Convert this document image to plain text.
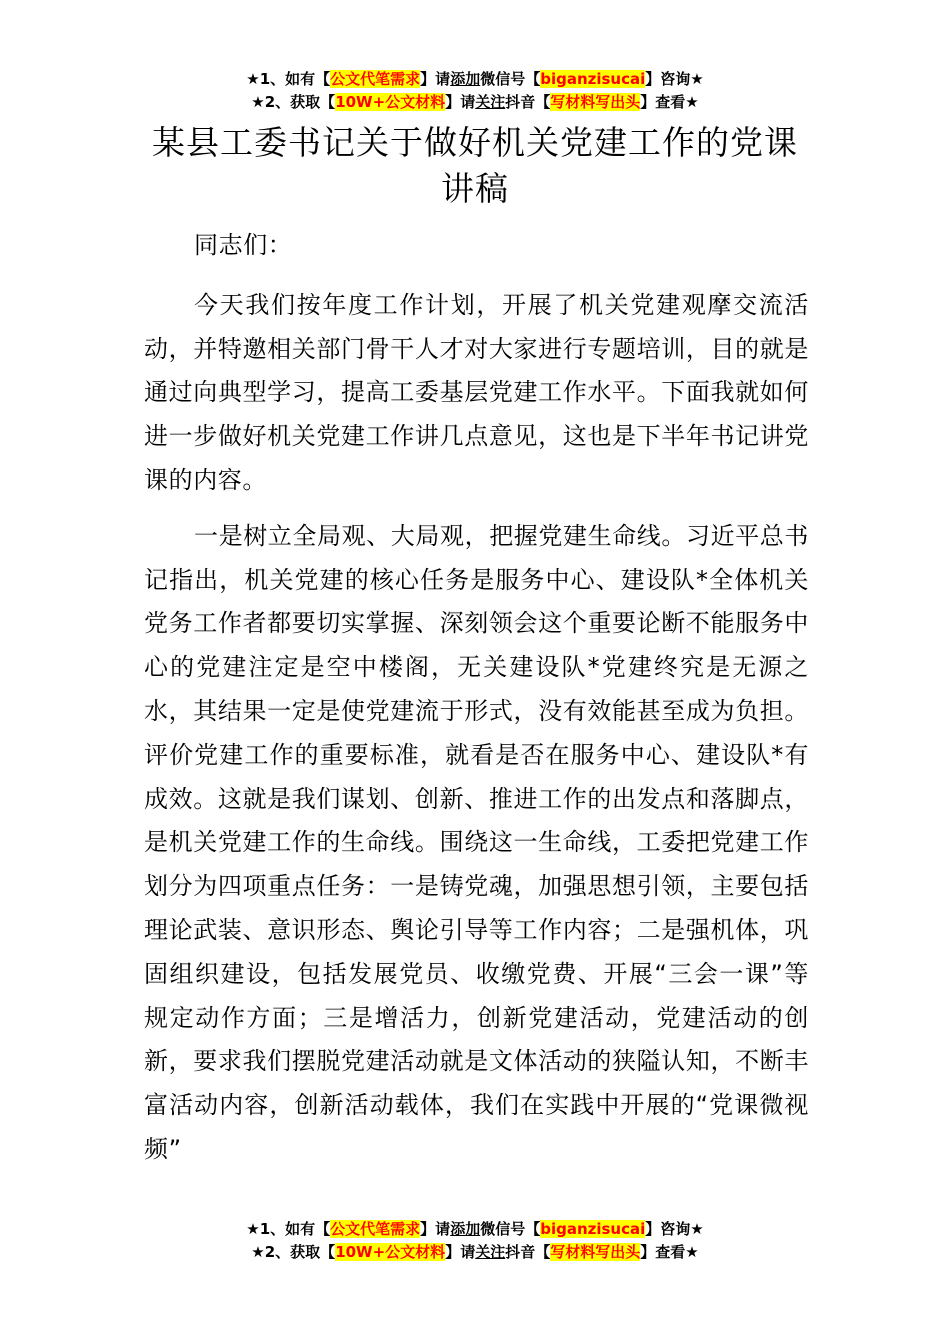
★1、如有【公文代笔需求】请添加微信号【biganzisucai】咨询★
★2、获取【10W+公文材料】请关注抖音【写材料写出头】查看★
某县工委书记关于做好机关党建工作的党课讲稿

同志们：

今天我们按年度工作计划，开展了机关党建观摩交流活动，并特邀相关部门骨干人才对大家进行专题培训，目的就是通过向典型学习，提高工委基层党建工作水平。下面我就如何进一步做好机关党建工作讲几点意见，这也是下半年书记讲党课的内容。

一是树立全局观、大局观，把握党建生命线。习近平总书记指出，机关党建的核心任务是服务中心、建设队*全体机关党务工作者都要切实掌握、深刻领会这个重要论断不能服务中心的党建注定是空中楼阁，无关建设队*党建终究是无源之水，其结果一定是使党建流于形式，没有效能甚至成为负担。评价党建工作的重要标准，就看是否在服务中心、建设队*有成效。这就是我们谋划、创新、推进工作的出发点和落脚点，是机关党建工作的生命线。围绕这一生命线，工委把党建工作划分为四项重点任务：一是铸党魂，加强思想引领，主要包括理论武装、意识形态、舆论引导等工作内容；二是强机体，巩固组织建设，包括发展党员、收缴党费、开展“三会一课”等规定动作方面；三是增活力，创新党建活动，党建活动的创新，要求我们摆脱党建活动就是文体活动的狭隘认知，不断丰富活动内容，创新活动载体，我们在实践中开展的“党课微视频”

★1、如有【公文代笔需求】请添加微信号【biganzisucai】咨询★
★2、获取【10W+公文材料】请关注抖音【写材料写出头】查看★
